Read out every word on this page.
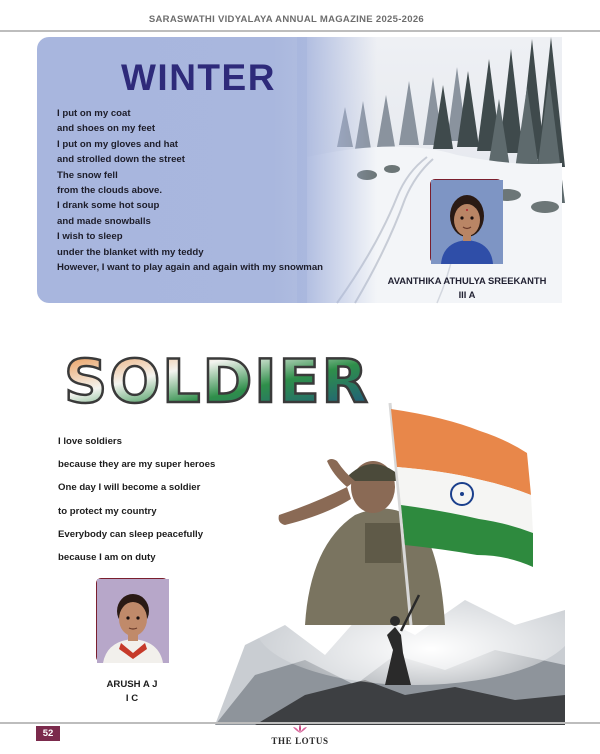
SARASWATHI VIDYALAYA ANNUAL MAGAZINE 2025-2026
WINTER
I put on my coat
and shoes on my feet
I put on my gloves and hat
and strolled down the street
The snow fell
from the clouds above.
I drank some hot soup
and made snowballs
I wish to sleep
under the blanket with my teddy
However, I want to play again and again with my snowman
AVANTHIKA ATHULYA SREEKANTH
III A
SOLDIER
I love soldiers
because they are my super heroes
One day I will become a soldier
to protect my country
Everybody can sleep peacefully
because I am on duty
ARUSH A J
I C
52
THE LOTUS
